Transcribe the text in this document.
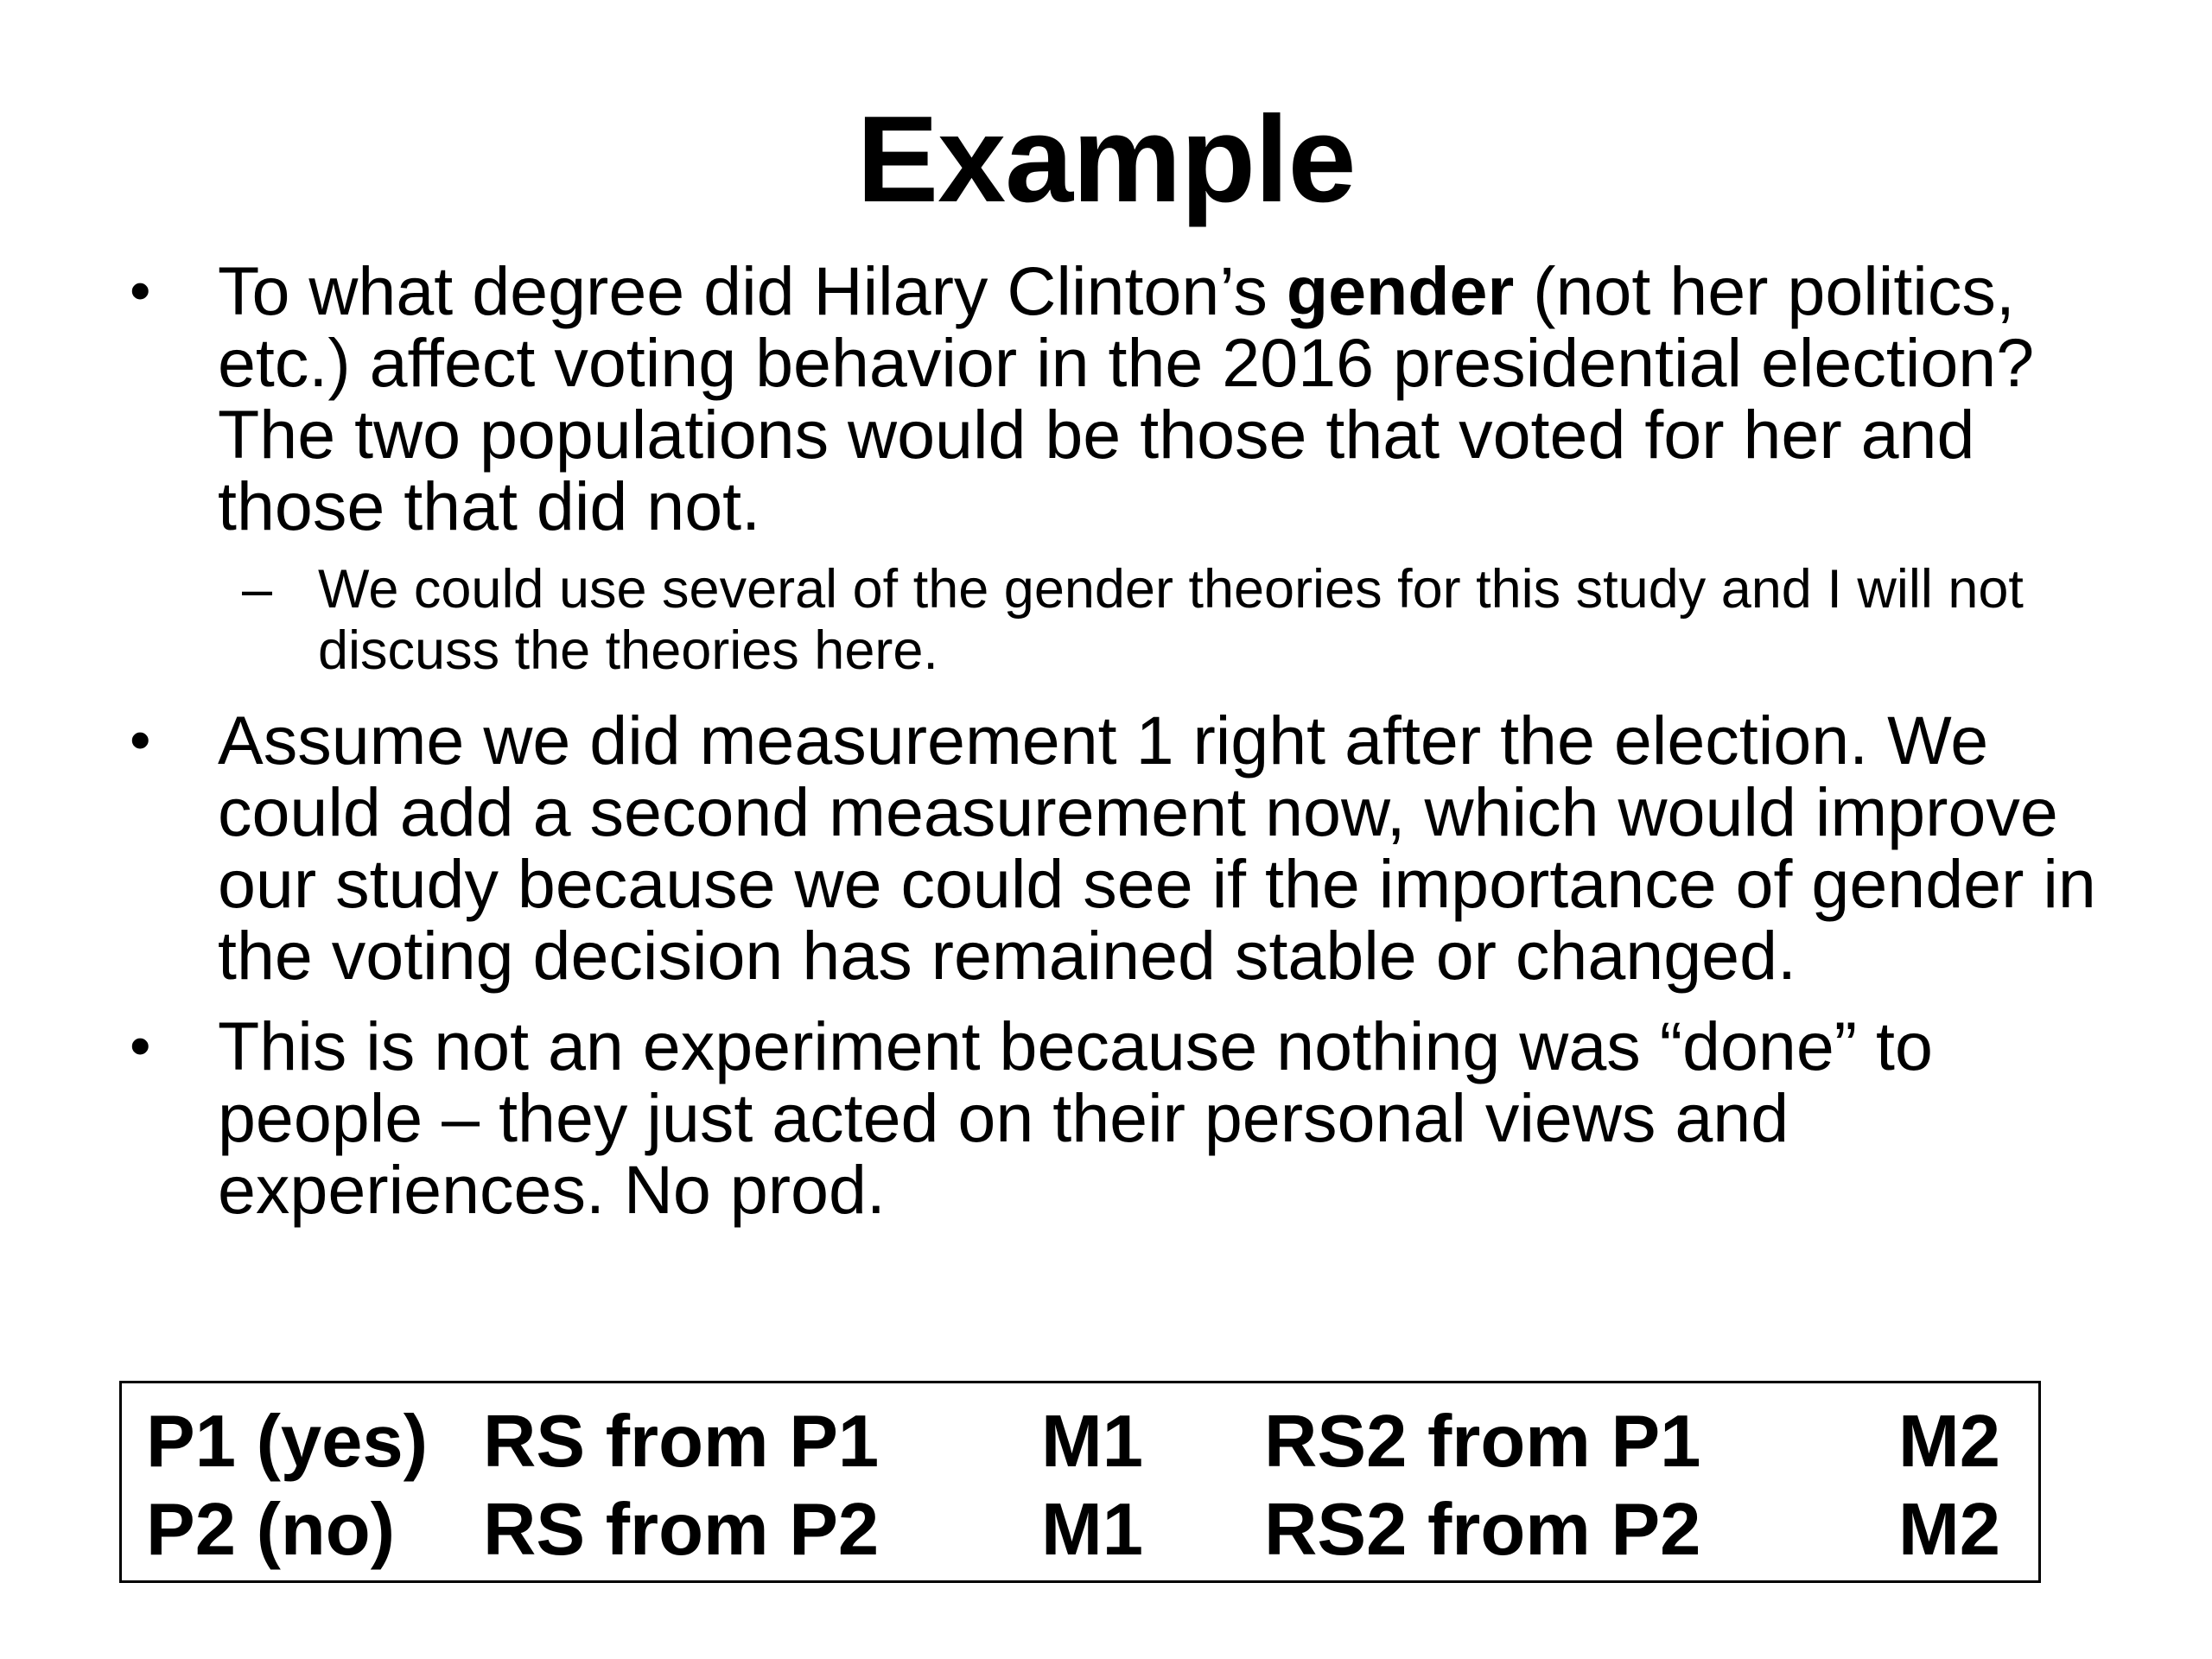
Example
• To what degree did Hilary Clinton’s gender (not her politics, etc.) affect voting behavior in the 2016 presidential election? The two populations would be those that voted for her and those that did not.
– We could use several of the gender theories for this study and I will not discuss the theories here.
• Assume we did measurement 1 right after the election. We could add a second measurement now, which would improve our study because we could see if the importance of gender in the voting decision has remained stable or changed.
• This is not an experiment because nothing was “done” to people – they just acted on their personal views and experiences. No prod.
P1 (yes) RS from P1 M1 RS2 from P1	M2
P2 (no) RS from P2 M1 RS2 from P2	M2
